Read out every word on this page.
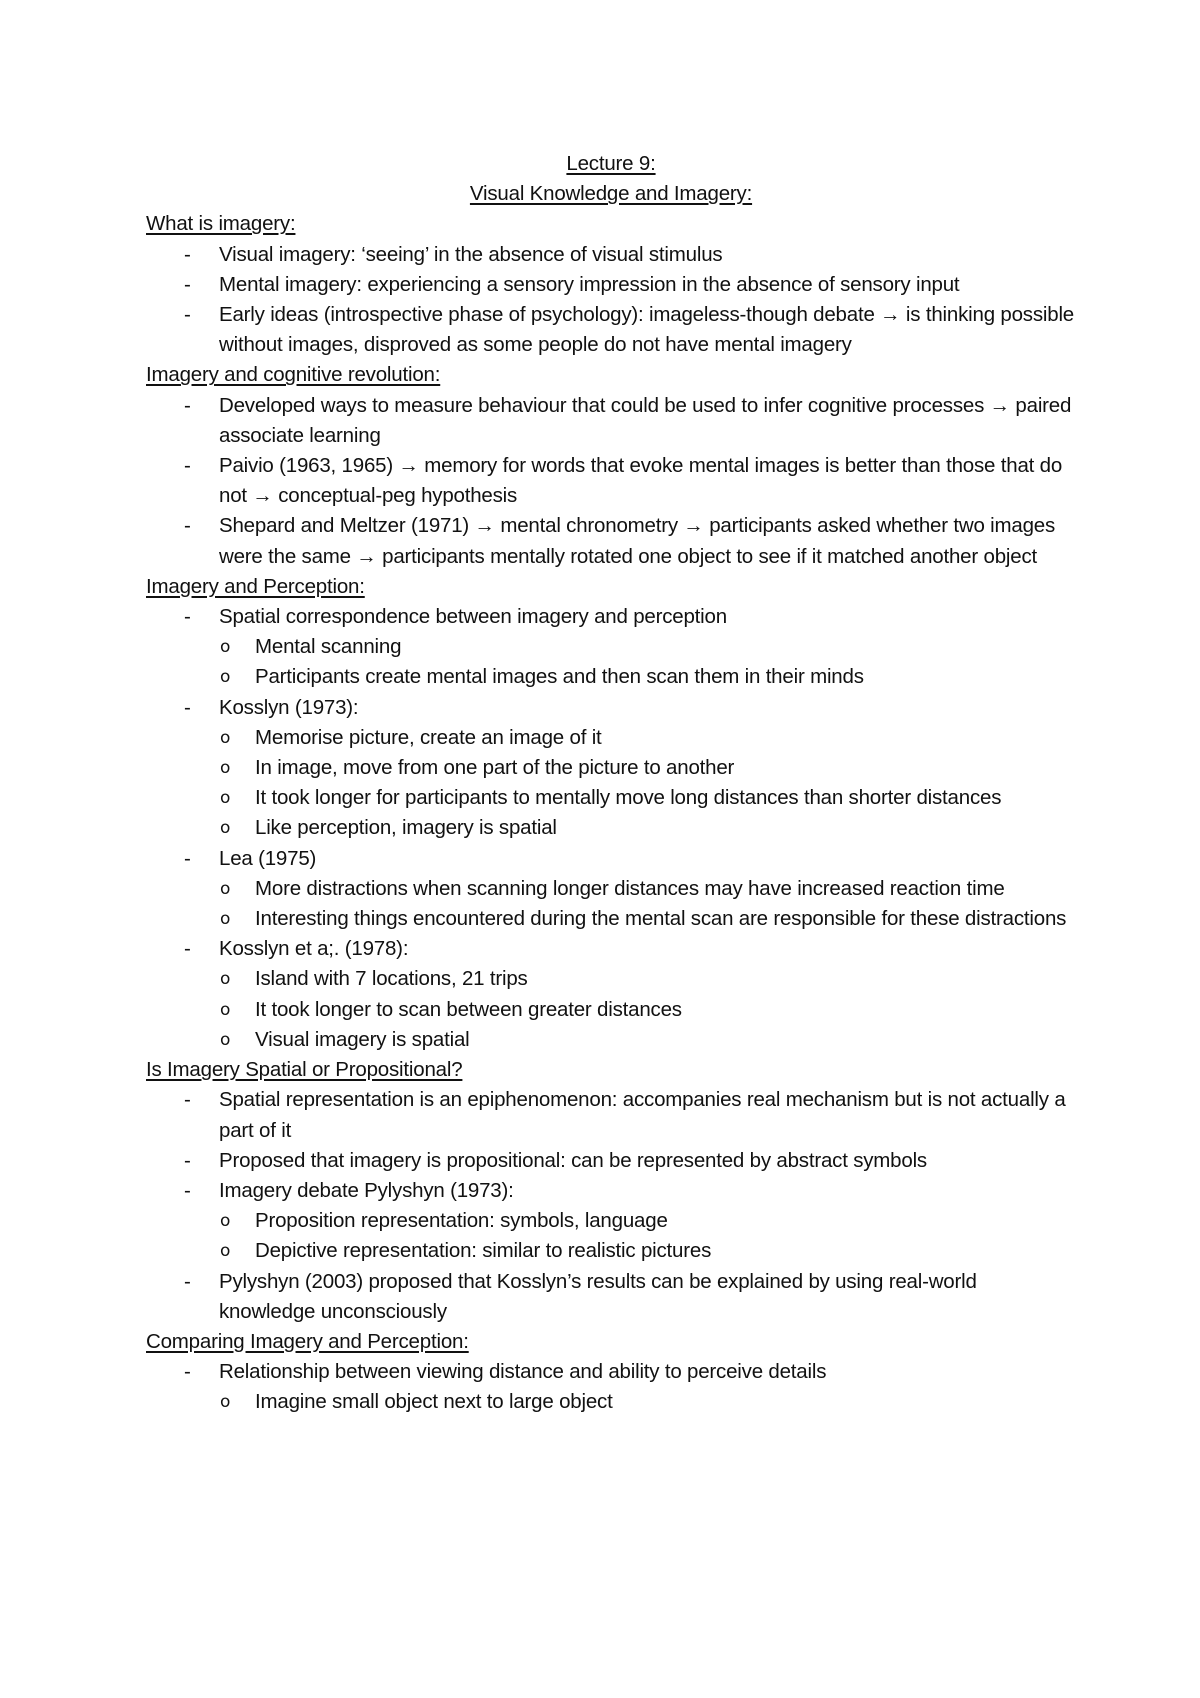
Lecture 9:

Visual Knowledge and Imagery:

What is imagery:

- Visual imagery: ‘seeing’ in the absence of visual stimulus
- Mental imagery: experiencing a sensory impression in the absence of sensory input
- Early ideas (introspective phase of psychology): imageless-though debate → is thinking possible without images, disproved as some people do not have mental imagery

Imagery and cognitive revolution:

- Developed ways to measure behaviour that could be used to infer cognitive processes → paired associate learning
- Paivio (1963, 1965) → memory for words that evoke mental images is better than those that do not → conceptual-peg hypothesis
- Shepard and Meltzer (1971) → mental chronometry → participants asked whether two images were the same → participants mentally rotated one object to see if it matched another object

Imagery and Perception:

- Spatial correspondence between imagery and perception
o Mental scanning
o Participants create mental images and then scan them in their minds
- Kosslyn (1973):
o Memorise picture, create an image of it
o In image, move from one part of the picture to another
o It took longer for participants to mentally move long distances than shorter distances
o Like perception, imagery is spatial
- Lea (1975)
o More distractions when scanning longer distances may have increased reaction time
o Interesting things encountered during the mental scan are responsible for these distractions
- Kosslyn et a;. (1978):
o Island with 7 locations, 21 trips
o It took longer to scan between greater distances
o Visual imagery is spatial

Is Imagery Spatial or Propositional?

- Spatial representation is an epiphenomenon: accompanies real mechanism but is not actually a part of it
- Proposed that imagery is propositional: can be represented by abstract symbols
- Imagery debate Pylyshyn (1973):
o Proposition representation: symbols, language
o Depictive representation: similar to realistic pictures
- Pylyshyn (2003) proposed that Kosslyn’s results can be explained by using real-world knowledge unconsciously

Comparing Imagery and Perception:

- Relationship between viewing distance and ability to perceive details
o Imagine small object next to large object
